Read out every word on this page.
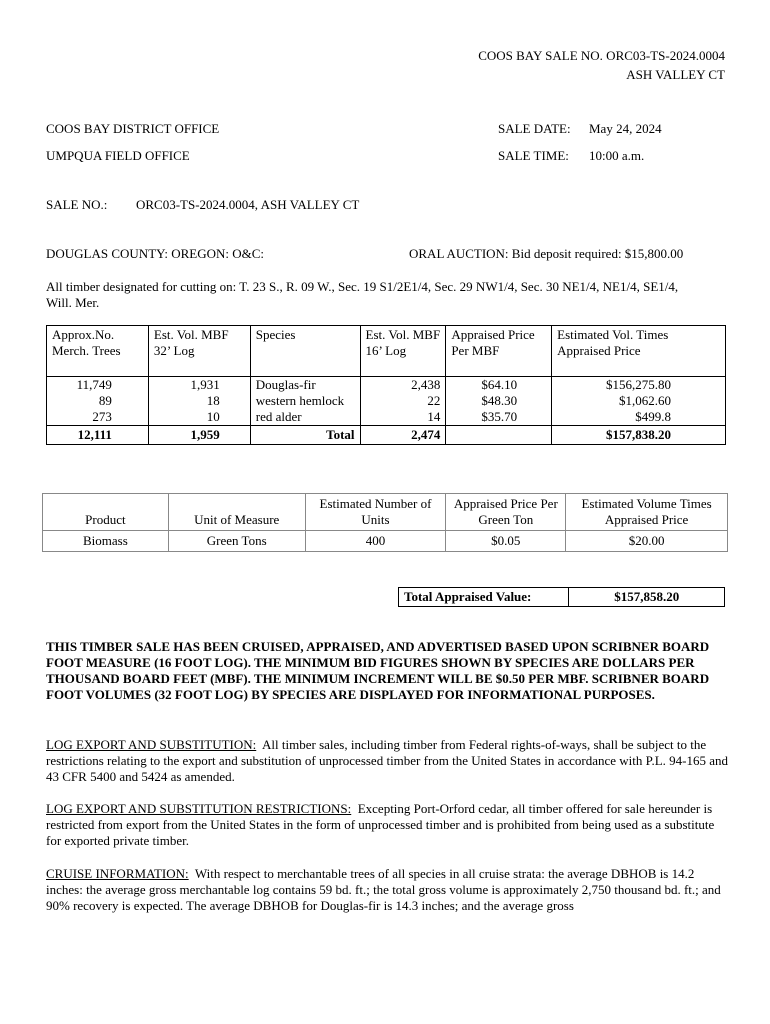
COOS BAY SALE NO. ORC03-TS-2024.0004
ASH VALLEY CT
COOS BAY DISTRICT OFFICE
UMPQUA FIELD OFFICE
SALE DATE: May 24, 2024
SALE TIME: 10:00 a.m.
SALE NO.: ORC03-TS-2024.0004, ASH VALLEY CT
DOUGLAS COUNTY: OREGON: O&C:	ORAL AUCTION: Bid deposit required: $15,800.00
All timber designated for cutting on: T. 23 S., R. 09 W., Sec. 19 S1/2E1/4, Sec. 29 NW1/4, Sec. 30 NE1/4, NE1/4, SE1/4,
Will. Mer.
Approx.No. Merch. Trees	Est. Vol. MBF 32’ Log	Species	Est. Vol. MBF 16’ Log	Appraised Price Per MBF	Estimated Vol. Times Appraised Price
11,749	1,931	Douglas-fir	2,438	$64.10	$156,275.80
89	18	western hemlock	22	$48.30	$1,062.60
273	10	red alder	14	$35.70	$499.8
12,111	1,959	Total	2,474		$157,838.20
Product	Unit of Measure	Estimated Number of Units	Appraised Price Per Green Ton	Estimated Volume Times Appraised Price
Biomass	Green Tons	400	$0.05	$20.00
Total Appraised Value:	$157,858.20
THIS TIMBER SALE HAS BEEN CRUISED, APPRAISED, AND ADVERTISED BASED UPON SCRIBNER BOARD FOOT MEASURE (16 FOOT LOG). THE MINIMUM BID FIGURES SHOWN BY SPECIES ARE DOLLARS PER THOUSAND BOARD FEET (MBF). THE MINIMUM INCREMENT WILL BE $0.50 PER MBF. SCRIBNER BOARD FOOT VOLUMES (32 FOOT LOG) BY SPECIES ARE DISPLAYED FOR INFORMATIONAL PURPOSES.
LOG EXPORT AND SUBSTITUTION: All timber sales, including timber from Federal rights-of-ways, shall be subject to the restrictions relating to the export and substitution of unprocessed timber from the United States in accordance with P.L. 94-165 and 43 CFR 5400 and 5424 as amended.
LOG EXPORT AND SUBSTITUTION RESTRICTIONS: Excepting Port-Orford cedar, all timber offered for sale hereunder is restricted from export from the United States in the form of unprocessed timber and is prohibited from being used as a substitute for exported private timber.
CRUISE INFORMATION: With respect to merchantable trees of all species in all cruise strata: the average DBHOB is 14.2 inches: the average gross merchantable log contains 59 bd. ft.; the total gross volume is approximately 2,750 thousand bd. ft.; and 90% recovery is expected. The average DBHOB for Douglas-fir is 14.3 inches; and the average gross
